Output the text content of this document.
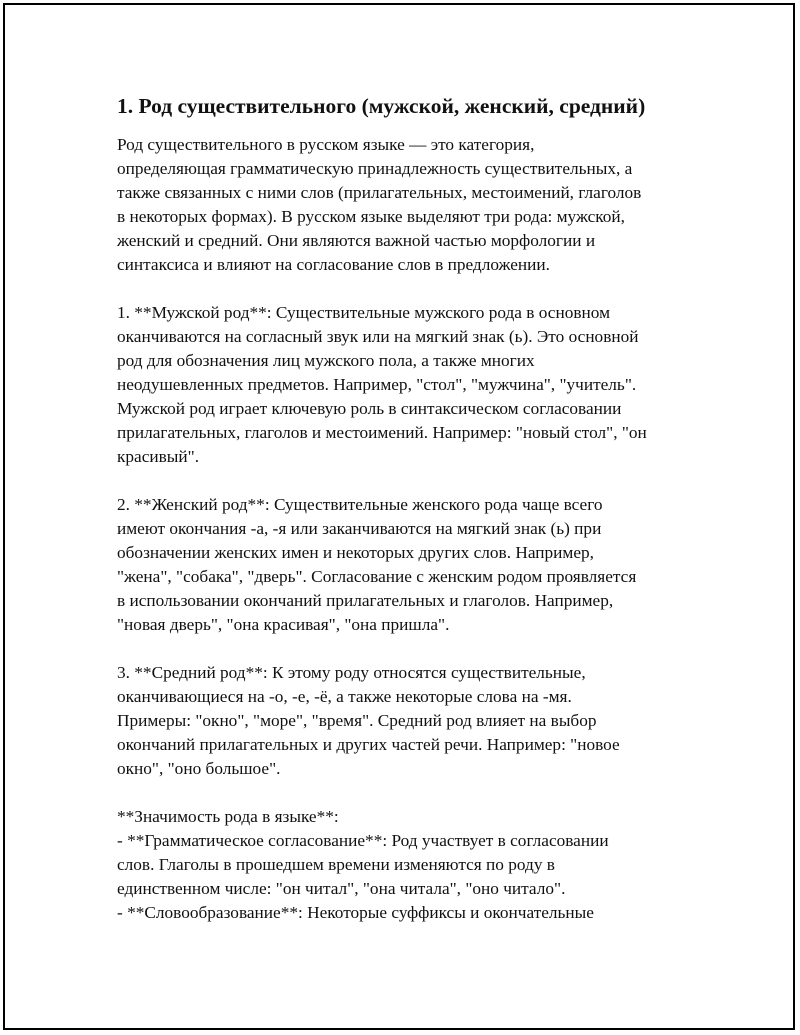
1. Род существительного (мужской, женский, средний)

Род существительного в русском языке — это категория,
определяющая грамматическую принадлежность существительных, а
также связанных с ними слов (прилагательных, местоимений, глаголов
в некоторых формах). В русском языке выделяют три рода: мужской,
женский и средний. Они являются важной частью морфологии и
синтаксиса и влияют на согласование слов в предложении.

1. **Мужской род**: Существительные мужского рода в основном
оканчиваются на согласный звук или на мягкий знак (ь). Это основной
род для обозначения лиц мужского пола, а также многих
неодушевленных предметов. Например, "стол", "мужчина", "учитель".
Мужской род играет ключевую роль в синтаксическом согласовании
прилагательных, глаголов и местоимений. Например: "новый стол", "он
красивый".

2. **Женский род**: Существительные женского рода чаще всего
имеют окончания -а, -я или заканчиваются на мягкий знак (ь) при
обозначении женских имен и некоторых других слов. Например,
"жена", "собака", "дверь". Согласование с женским родом проявляется
в использовании окончаний прилагательных и глаголов. Например,
"новая дверь", "она красивая", "она пришла".

3. **Средний род**: К этому роду относятся существительные,
оканчивающиеся на -о, -е, -ё, а также некоторые слова на -мя.
Примеры: "окно", "море", "время". Средний род влияет на выбор
окончаний прилагательных и других частей речи. Например: "новое
окно", "оно большое".

**Значимость рода в языке**:
- **Грамматическое согласование**: Род участвует в согласовании
слов. Глаголы в прошедшем времени изменяются по роду в
единственном числе: "он читал", "она читала", "оно читало".
- **Словообразование**: Некоторые суффиксы и окончательные
